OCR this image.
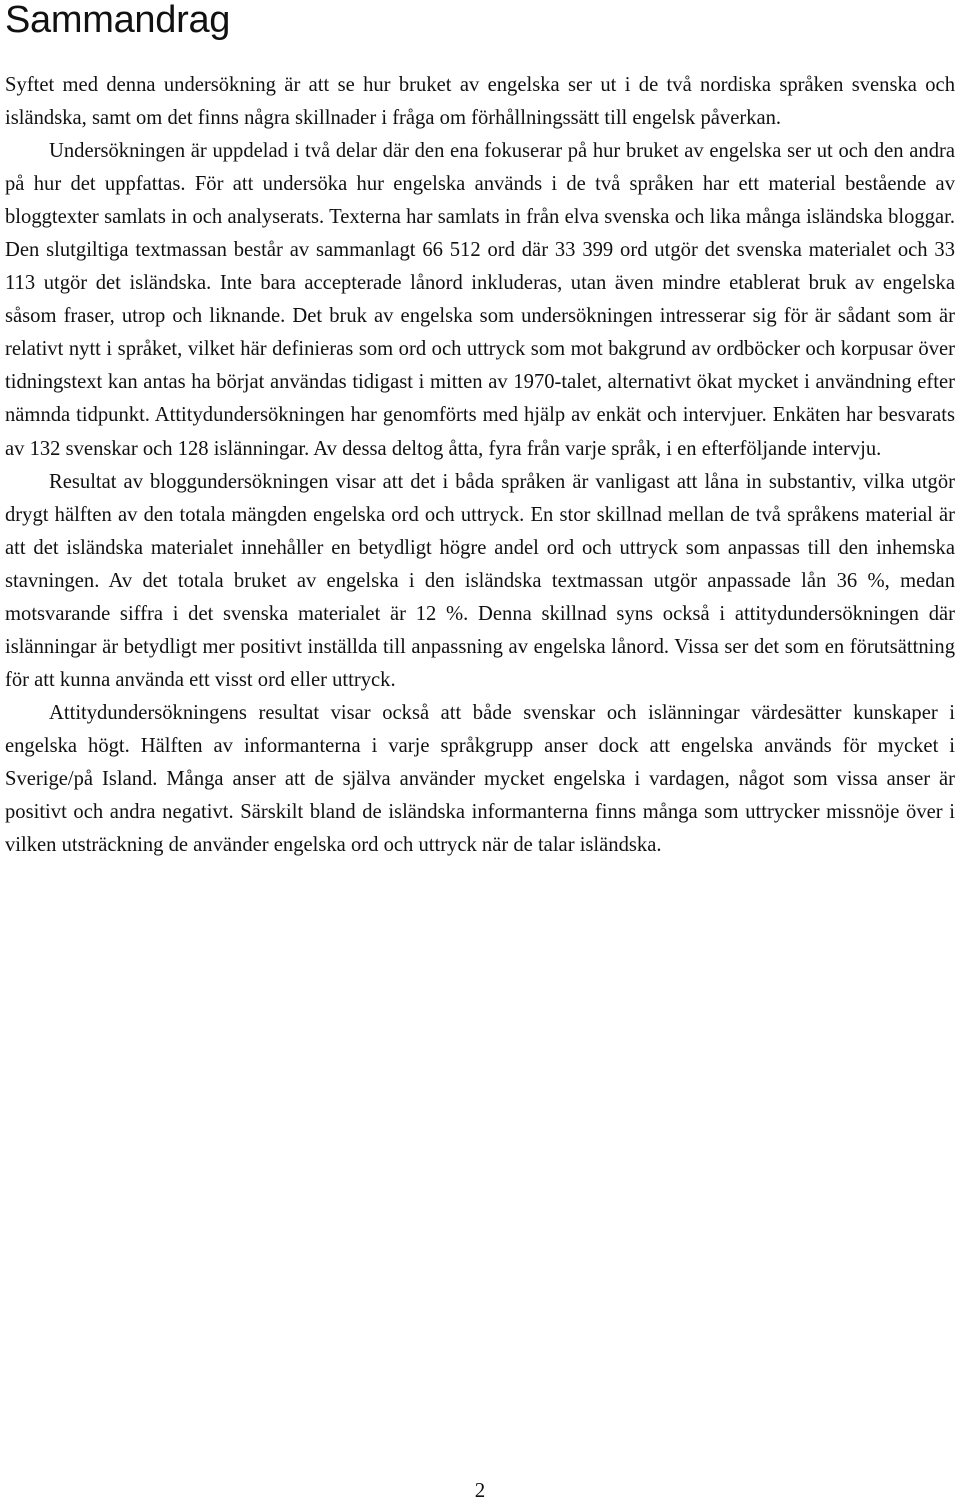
Sammandrag

Syftet med denna undersökning är att se hur bruket av engelska ser ut i de två nordiska språken svenska och isländska, samt om det finns några skillnader i fråga om förhållningssätt till engelsk påverkan.

Undersökningen är uppdelad i två delar där den ena fokuserar på hur bruket av engelska ser ut och den andra på hur det uppfattas. För att undersöka hur engelska används i de två språken har ett material bestående av bloggtexter samlats in och analyserats. Texterna har samlats in från elva svenska och lika många isländska bloggar. Den slutgiltiga textmassan består av sammanlagt 66 512 ord där 33 399 ord utgör det svenska materialet och 33 113 utgör det isländska. Inte bara accepterade lånord inkluderas, utan även mindre etablerat bruk av engelska såsom fraser, utrop och liknande. Det bruk av engelska som undersökningen intresserar sig för är sådant som är relativt nytt i språket, vilket här definieras som ord och uttryck som mot bakgrund av ordböcker och korpusar över tidningstext kan antas ha börjat användas tidigast i mitten av 1970-talet, alternativt ökat mycket i användning efter nämnda tidpunkt. Attitydundersökningen har genomförts med hjälp av enkät och intervjuer. Enkäten har besvarats av 132 svenskar och 128 islänningar. Av dessa deltog åtta, fyra från varje språk, i en efterföljande intervju.

Resultat av bloggundersökningen visar att det i båda språken är vanligast att låna in substantiv, vilka utgör drygt hälften av den totala mängden engelska ord och uttryck. En stor skillnad mellan de två språkens material är att det isländska materialet innehåller en betydligt högre andel ord och uttryck som anpassas till den inhemska stavningen. Av det totala bruket av engelska i den isländska textmassan utgör anpassade lån 36 %, medan motsvarande siffra i det svenska materialet är 12 %. Denna skillnad syns också i attitydundersökningen där islänningar är betydligt mer positivt inställda till anpassning av engelska lånord. Vissa ser det som en förutsättning för att kunna använda ett visst ord eller uttryck.

Attitydundersökningens resultat visar också att både svenskar och islänningar värdesätter kunskaper i engelska högt. Hälften av informanterna i varje språkgrupp anser dock att engelska används för mycket i Sverige/på Island. Många anser att de själva använder mycket engelska i vardagen, något som vissa anser är positivt och andra negativt. Särskilt bland de isländska informanterna finns många som uttrycker missnöje över i vilken utsträckning de använder engelska ord och uttryck när de talar isländska.

2
